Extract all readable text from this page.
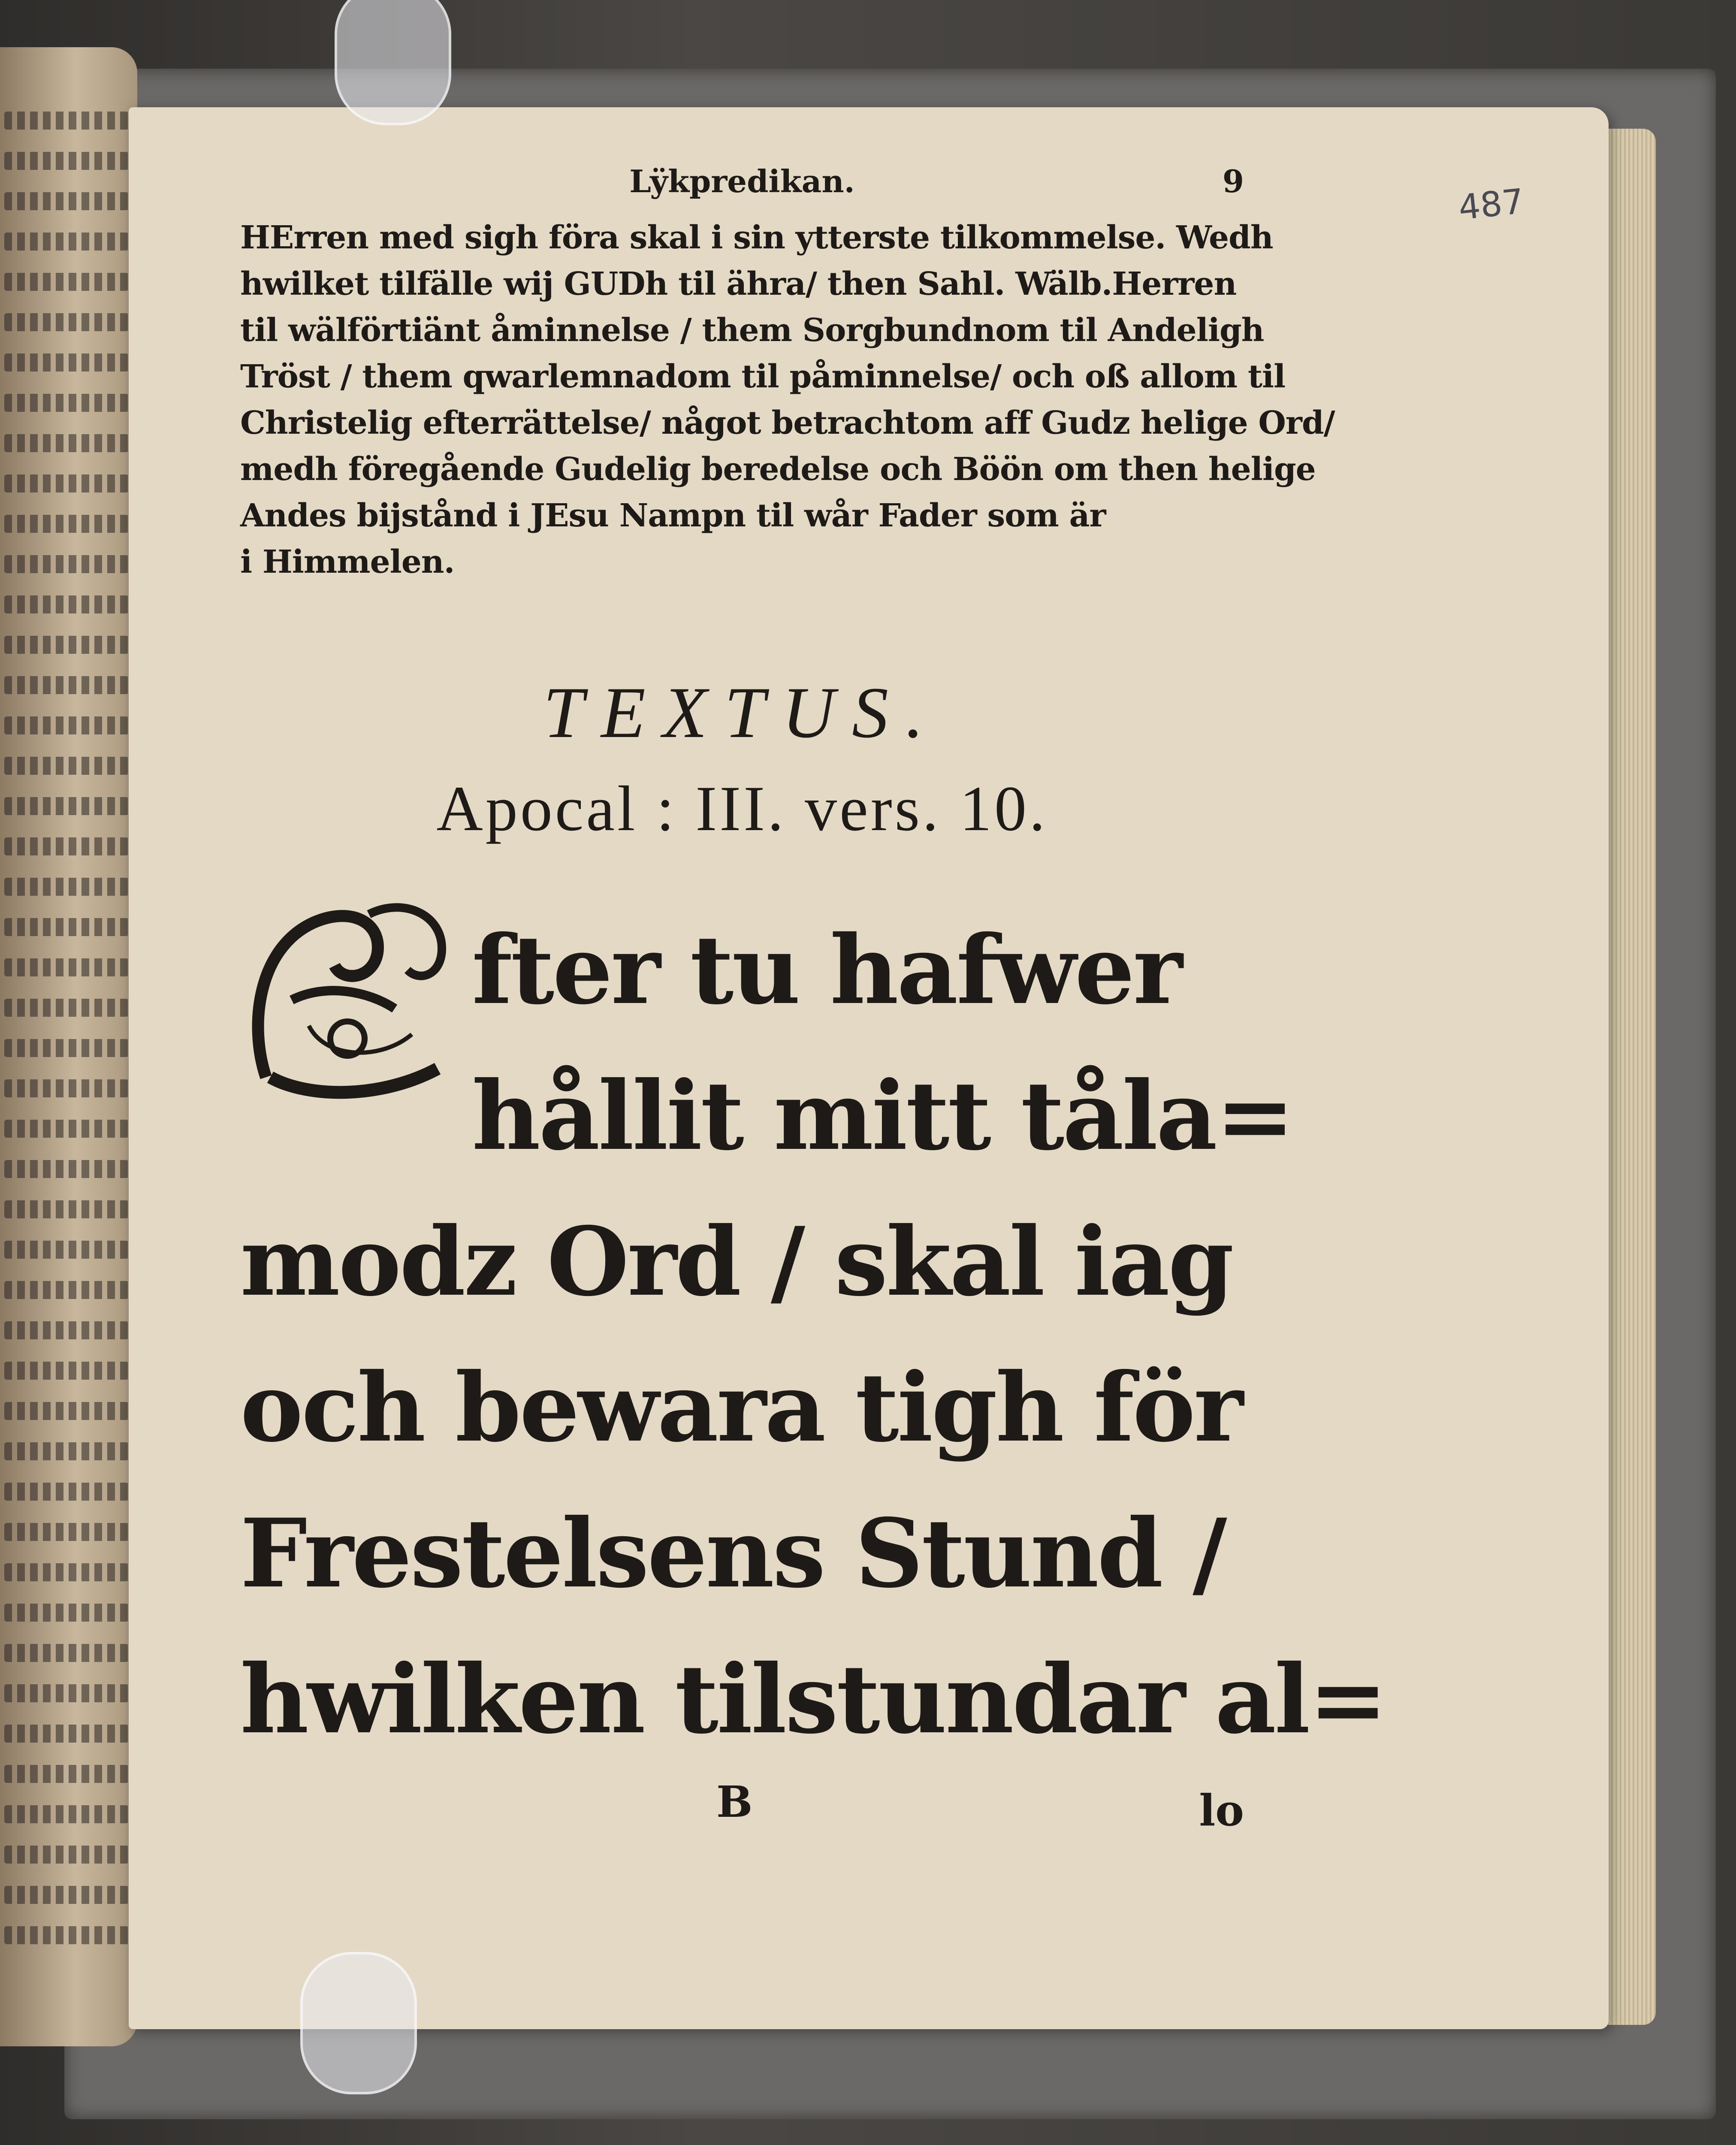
487
Lÿkpredikan.	9
HErren med sigh föra skal i sin ytterste tilkommelse. Wedh
hwilket tilfälle wij GUDh til ähra/ then Sahl. Wälb.Herren
til wälförtiänt åminnelse / them Sorgbundnom til Andeligh
Tröst / them qwarlemnadom til påminnelse/ och oß allom til
Christelig efterrättelse/ något betrachtom aff Gudz helige Ord/
medh föregående Gudelig beredelse och Böön om then helige
Andes bijstånd i JEsu Nampn til wår Fader som är
i Himmelen.
TEXTUS.
Apocal : III. vers. 10.
fter tu hafwer
hållit mitt tåla=
modz Ord / skal iag
och bewara tigh för
Frestelsens Stund /
hwilken tilstundar al=
B	lo
